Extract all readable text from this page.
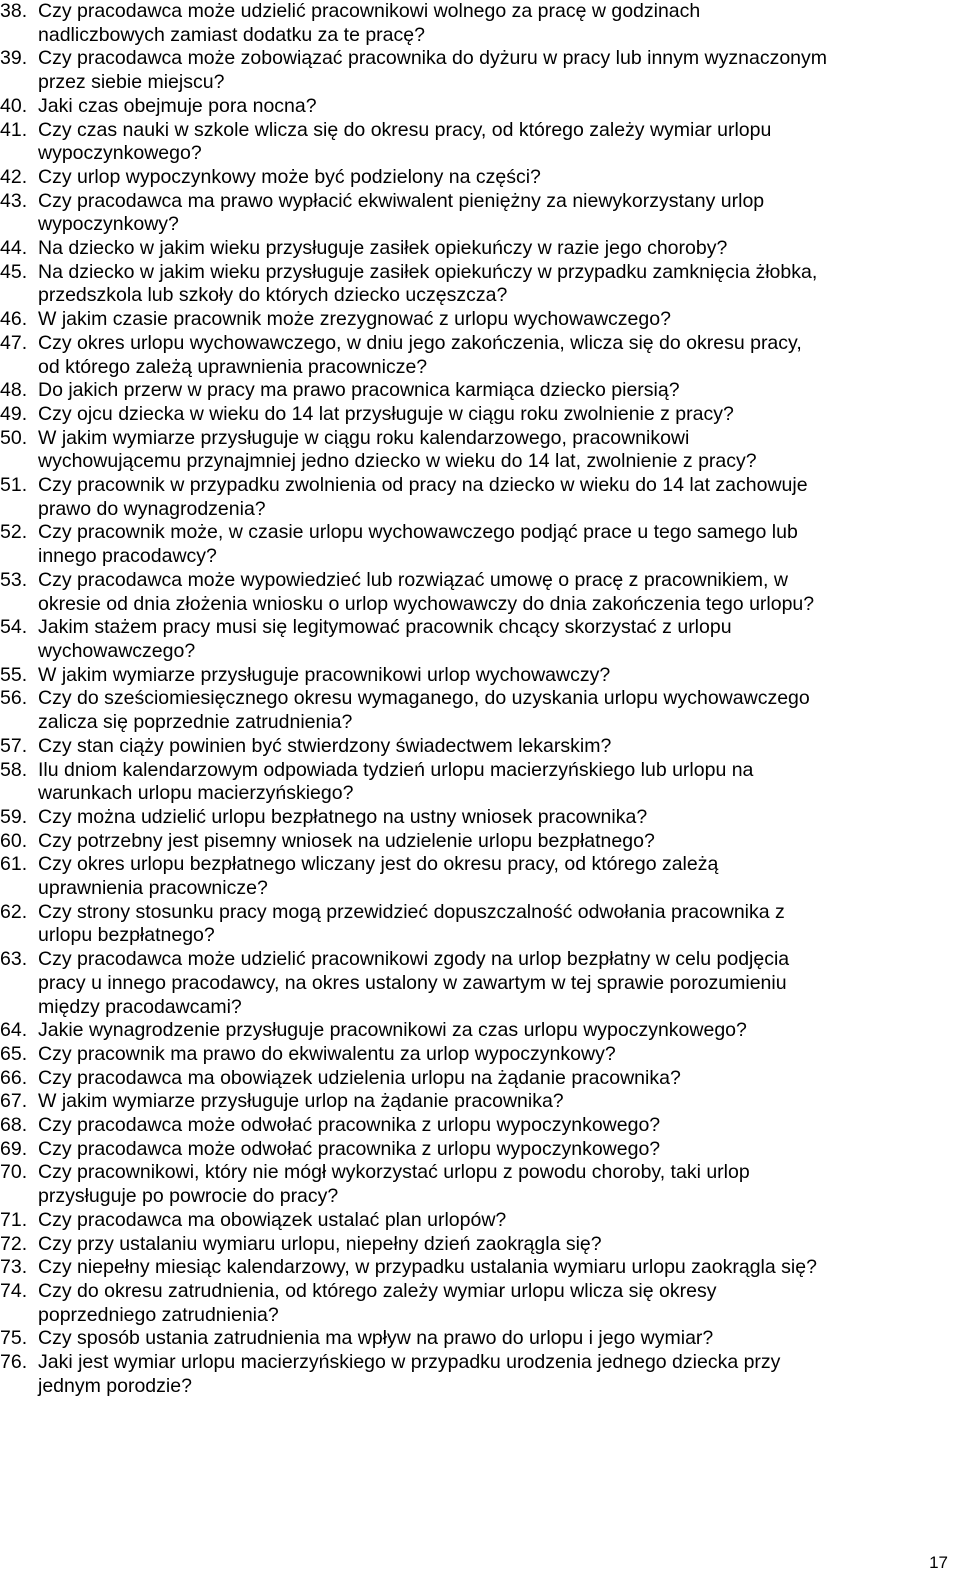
38. Czy pracodawca może udzielić pracownikowi wolnego za pracę w godzinach
nadliczbowych zamiast dodatku za te pracę?
39. Czy pracodawca może zobowiązać pracownika do dyżuru w pracy lub innym wyznaczonym
przez siebie miejscu?
40. Jaki czas obejmuje pora nocna?
41. Czy czas nauki w szkole wlicza się do okresu pracy, od którego zależy wymiar urlopu
wypoczynkowego?
42. Czy urlop wypoczynkowy może być podzielony na części?
43. Czy pracodawca ma prawo wypłacić ekwiwalent pieniężny za niewykorzystany urlop
wypoczynkowy?
44. Na dziecko w jakim wieku przysługuje zasiłek opiekuńczy w razie jego choroby?
45. Na dziecko w jakim wieku przysługuje zasiłek opiekuńczy w przypadku zamknięcia żłobka,
przedszkola lub szkoły do których dziecko uczęszcza?
46. W jakim czasie pracownik może zrezygnować z urlopu wychowawczego?
47. Czy okres urlopu wychowawczego, w dniu jego zakończenia, wlicza się do okresu pracy,
od którego zależą uprawnienia pracownicze?
48. Do jakich przerw w pracy ma prawo pracownica karmiąca dziecko piersią?
49. Czy ojcu dziecka w wieku do 14 lat przysługuje w ciągu roku zwolnienie z pracy?
50. W jakim wymiarze przysługuje w ciągu roku kalendarzowego, pracownikowi
wychowującemu przynajmniej jedno dziecko w wieku do 14 lat, zwolnienie z pracy?
51. Czy pracownik w przypadku zwolnienia od pracy na dziecko w wieku do 14 lat zachowuje
prawo do wynagrodzenia?
52. Czy pracownik może, w czasie urlopu wychowawczego podjąć prace u tego samego lub
innego pracodawcy?
53. Czy pracodawca może wypowiedzieć lub rozwiązać umowę o pracę z pracownikiem, w
okresie od dnia złożenia wniosku o urlop wychowawczy do dnia zakończenia tego urlopu?
54. Jakim stażem pracy musi się legitymować pracownik chcący skorzystać z urlopu
wychowawczego?
55. W jakim wymiarze przysługuje pracownikowi urlop wychowawczy?
56. Czy do sześciomiesięcznego okresu wymaganego, do uzyskania urlopu wychowawczego
zalicza się poprzednie zatrudnienia?
57. Czy stan ciąży powinien być stwierdzony świadectwem lekarskim?
58. Ilu dniom kalendarzowym odpowiada tydzień urlopu macierzyńskiego lub urlopu na
warunkach urlopu macierzyńskiego?
59. Czy można udzielić urlopu bezpłatnego na ustny wniosek pracownika?
60. Czy potrzebny jest pisemny wniosek na udzielenie urlopu bezpłatnego?
61. Czy okres urlopu bezpłatnego wliczany jest do okresu pracy, od którego zależą
uprawnienia pracownicze?
62. Czy strony stosunku pracy mogą przewidzieć dopuszczalność odwołania pracownika z
urlopu bezpłatnego?
63. Czy pracodawca może udzielić pracownikowi zgody na urlop bezpłatny w celu podjęcia
pracy u innego pracodawcy, na okres ustalony w zawartym w tej sprawie porozumieniu
między pracodawcami?
64. Jakie wynagrodzenie przysługuje pracownikowi za czas urlopu wypoczynkowego?
65. Czy pracownik ma prawo do ekwiwalentu za urlop wypoczynkowy?
66. Czy pracodawca ma obowiązek udzielenia urlopu na żądanie pracownika?
67. W jakim wymiarze przysługuje urlop na żądanie pracownika?
68. Czy pracodawca może odwołać pracownika z urlopu wypoczynkowego?
69. Czy pracodawca może odwołać pracownika z urlopu wypoczynkowego?
70. Czy pracownikowi, który nie mógł wykorzystać urlopu z powodu choroby, taki urlop
przysługuje po powrocie do pracy?
71. Czy pracodawca ma obowiązek ustalać plan urlopów?
72. Czy przy ustalaniu wymiaru urlopu, niepełny dzień zaokrągla się?
73. Czy niepełny miesiąc kalendarzowy, w przypadku ustalania wymiaru urlopu zaokrągla się?
74. Czy do okresu zatrudnienia, od którego zależy wymiar urlopu wlicza się okresy
poprzedniego zatrudnienia?
75. Czy sposób ustania zatrudnienia ma wpływ na prawo do urlopu i jego wymiar?
76. Jaki jest wymiar urlopu macierzyńskiego w przypadku urodzenia jednego dziecka przy
jednym porodzie?
17
